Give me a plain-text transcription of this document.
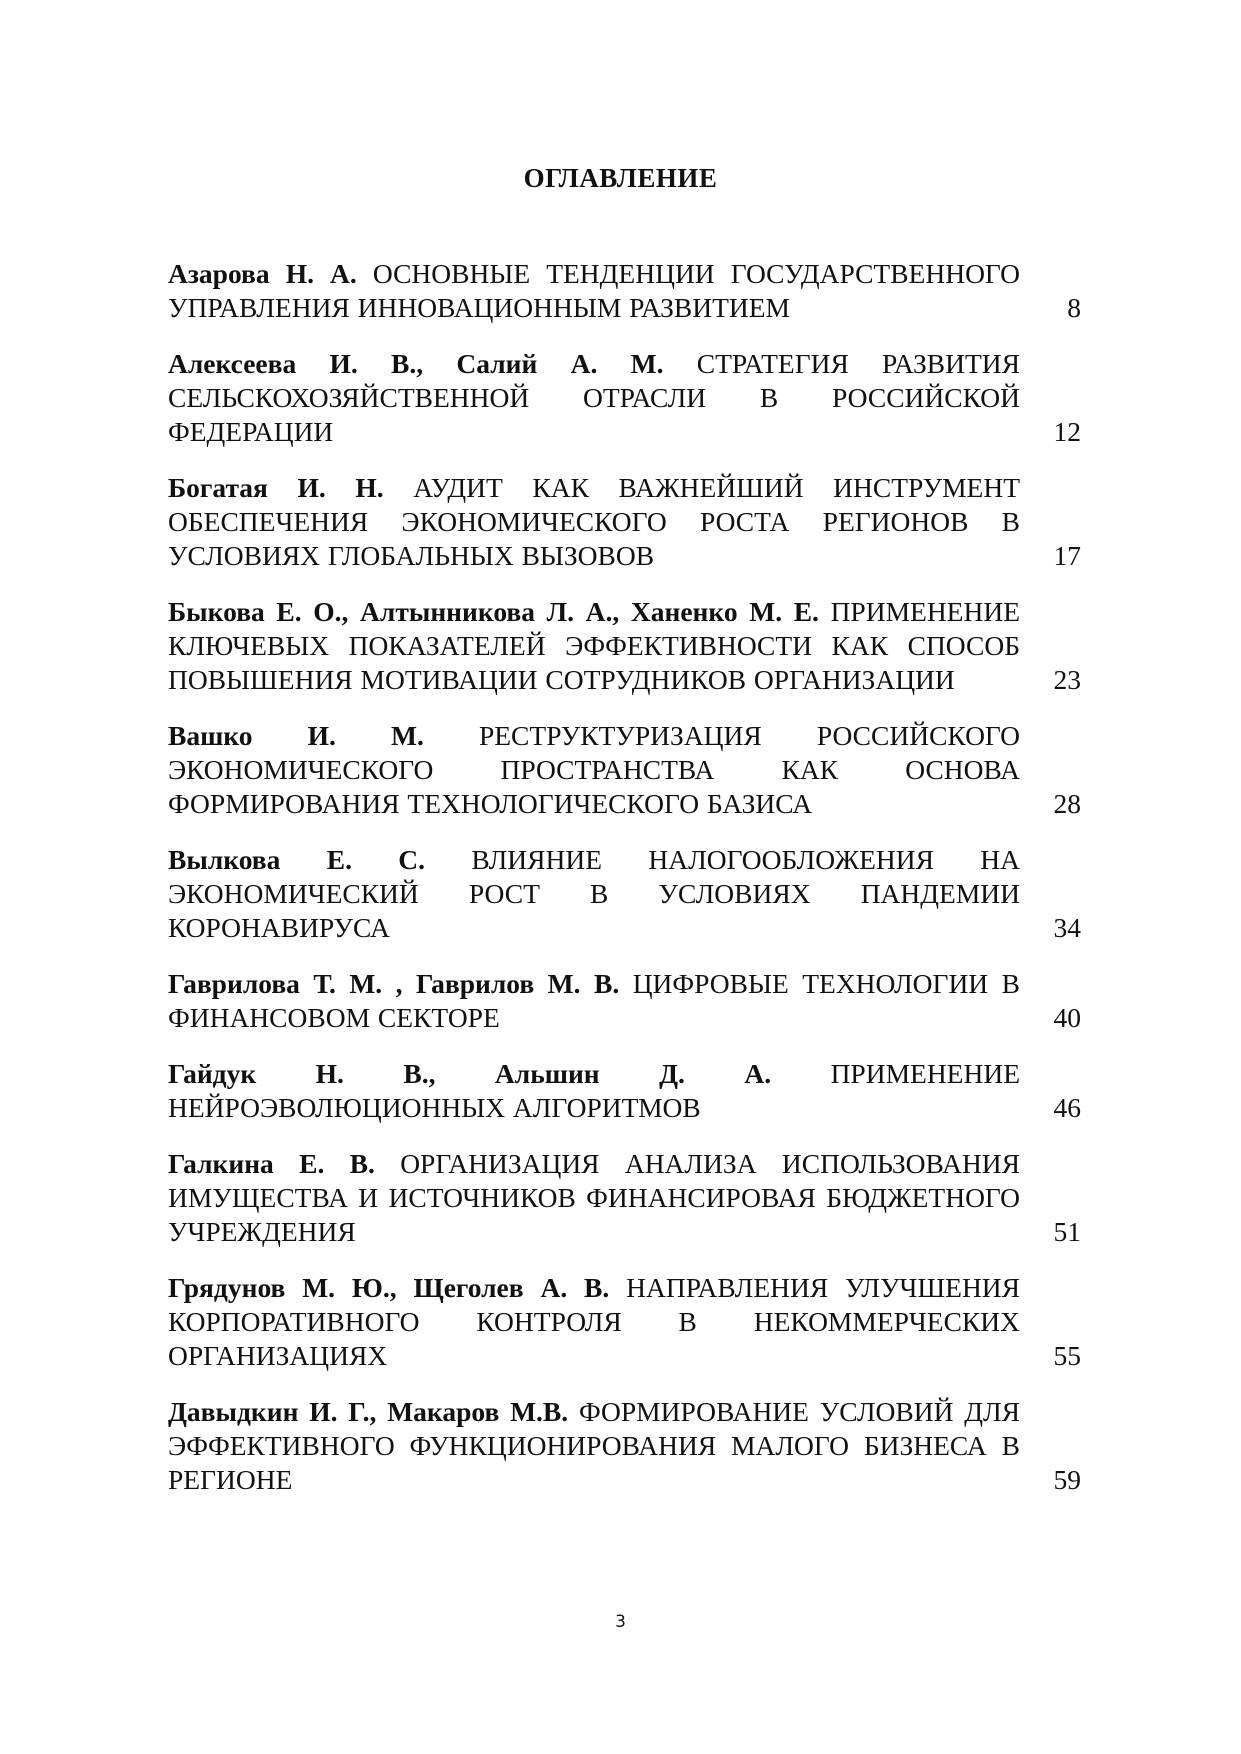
ОГЛАВЛЕНИЕ
Азарова Н. А. ОСНОВНЫЕ ТЕНДЕНЦИИ ГОСУДАРСТВЕННОГО УПРАВЛЕНИЯ ИННОВАЦИОННЫМ РАЗВИТИЕМ	8
Алексеева И. В., Салий А. М. СТРАТЕГИЯ РАЗВИТИЯ СЕЛЬСКОХОЗЯЙСТВЕННОЙ ОТРАСЛИ В РОССИЙСКОЙ ФЕДЕРАЦИИ	12
Богатая И. Н. АУДИТ КАК ВАЖНЕЙШИЙ ИНСТРУМЕНТ ОБЕСПЕЧЕНИЯ ЭКОНОМИЧЕСКОГО РОСТА РЕГИОНОВ В УСЛОВИЯХ ГЛОБАЛЬНЫХ ВЫЗОВОВ	17
Быкова Е. О., Алтынникова Л. А., Ханенко М. Е. ПРИМЕНЕНИЕ КЛЮЧЕВЫХ ПОКАЗАТЕЛЕЙ ЭФФЕКТИВНОСТИ КАК СПОСОБ ПОВЫШЕНИЯ МОТИВАЦИИ СОТРУДНИКОВ ОРГАНИЗАЦИИ	23
Вашко И. М. РЕСТРУКТУРИЗАЦИЯ РОССИЙСКОГО ЭКОНОМИЧЕСКОГО ПРОСТРАНСТВА КАК ОСНОВА ФОРМИРОВАНИЯ ТЕХНОЛОГИЧЕСКОГО БАЗИСА	28
Вылкова Е. С. ВЛИЯНИЕ НАЛОГООБЛОЖЕНИЯ НА ЭКОНОМИЧЕСКИЙ РОСТ В УСЛОВИЯХ ПАНДЕМИИ КОРОНАВИРУСА	34
Гаврилова Т. М. , Гаврилов М. В. ЦИФРОВЫЕ ТЕХНОЛОГИИ В ФИНАНСОВОМ СЕКТОРЕ	40
Гайдук Н. В., Альшин Д. А. ПРИМЕНЕНИЕ НЕЙРОЭВОЛЮЦИОННЫХ АЛГОРИТМОВ	46
Галкина Е. В. ОРГАНИЗАЦИЯ АНАЛИЗА ИСПОЛЬЗОВАНИЯ ИМУЩЕСТВА И ИСТОЧНИКОВ ФИНАНСИРОВАЯ БЮДЖЕТНОГО УЧРЕЖДЕНИЯ	51
Грядунов М. Ю., Щеголев А. В. НАПРАВЛЕНИЯ УЛУЧШЕНИЯ КОРПОРАТИВНОГО КОНТРОЛЯ В НЕКОММЕРЧЕСКИХ ОРГАНИЗАЦИЯХ	55
Давыдкин И. Г., Макаров М.В. ФОРМИРОВАНИЕ УСЛОВИЙ ДЛЯ ЭФФЕКТИВНОГО ФУНКЦИОНИРОВАНИЯ МАЛОГО БИЗНЕСА В РЕГИОНЕ	59
3
